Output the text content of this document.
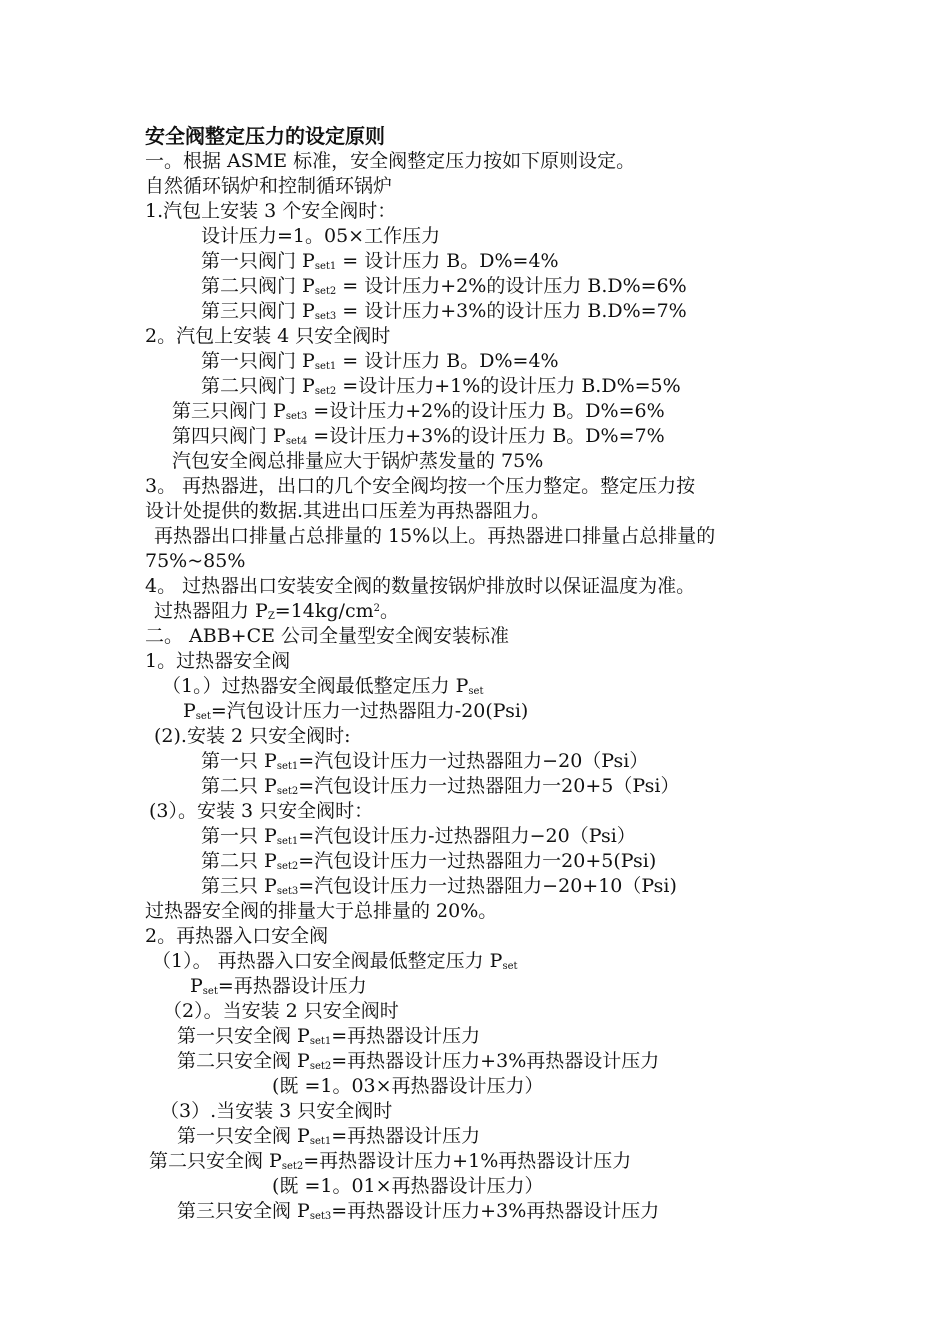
安全阀整定压力的设定原则
一。根据 ASME 标准，安全阀整定压力按如下原则设定。
自然循环锅炉和控制循环锅炉
1.汽包上安装 3 个安全阀时：
设计压力=1。05×工作压力
第一只阀门 $P_{set1}$ = 设计压力 B。D%=4%
第二只阀门 $P_{set2}$ = 设计压力+2%的设计压力 B.D%=6%
第三只阀门 $P_{set3}$ = 设计压力+3%的设计压力 B.D%=7%
2。汽包上安装 4 只安全阀时
第一只阀门 $P_{set1}$ = 设计压力 B。D%=4%
第二只阀门 $P_{set2}$ =设计压力+1%的设计压力 B.D%=5%
第三只阀门 $P_{set3}$ =设计压力+2%的设计压力 B。D%=6%
第四只阀门 $P_{set4}$ =设计压力+3%的设计压力 B。D%=7%
汽包安全阀总排量应大于锅炉蒸发量的 75%
3。 再热器进，出口的几个安全阀均按一个压力整定。整定压力按
设计处提供的数据.其进出口压差为再热器阻力。
再热器出口排量占总排量的 15%以上。再热器进口排量占总排量的
75%~85%
4。 过热器出口安装安全阀的数量按锅炉排放时以保证温度为准。
过热器阻力 $P_Z=14kg/cm^2$。
二。 ABB+CE 公司全量型安全阀安装标准
1。过热器安全阀
（1。）过热器安全阀最低整定压力 $P_{set}$
$P_{set}=$汽包设计压力一过热器阻力-20(Psi)
(2).安装 2 只安全阀时:
第一只 $P_{set1}=$汽包设计压力一过热器阻力−20（Psi）
第二只 $P_{set2}=$汽包设计压力一过热器阻力一20+5（Psi）
(3）。安装 3 只安全阀时：
第一只 $P_{set1}=$汽包设计压力-过热器阻力−20（Psi）
第二只 $P_{set2}=$汽包设计压力一过热器阻力一20+5(Psi)
第三只 $P_{set3}=$汽包设计压力一过热器阻力−20+10（Psi)
过热器安全阀的排量大于总排量的 20%。
2。再热器入口安全阀
（1）。 再热器入口安全阀最低整定压力 $P_{set}$
$P_{set}=$再热器设计压力
（2）。当安装 2 只安全阀时
第一只安全阀 $P_{set1}=$再热器设计压力
第二只安全阀 $P_{set2}=$再热器设计压力+3%再热器设计压力
(既 =1。03×再热器设计压力）
（3）.当安装 3 只安全阀时
第一只安全阀 $P_{set1}=$再热器设计压力
第二只安全阀 $P_{set2}=$再热器设计压力+1%再热器设计压力
(既 =1。01×再热器设计压力）
第三只安全阀 $P_{set3}=$再热器设计压力+3%再热器设计压力
